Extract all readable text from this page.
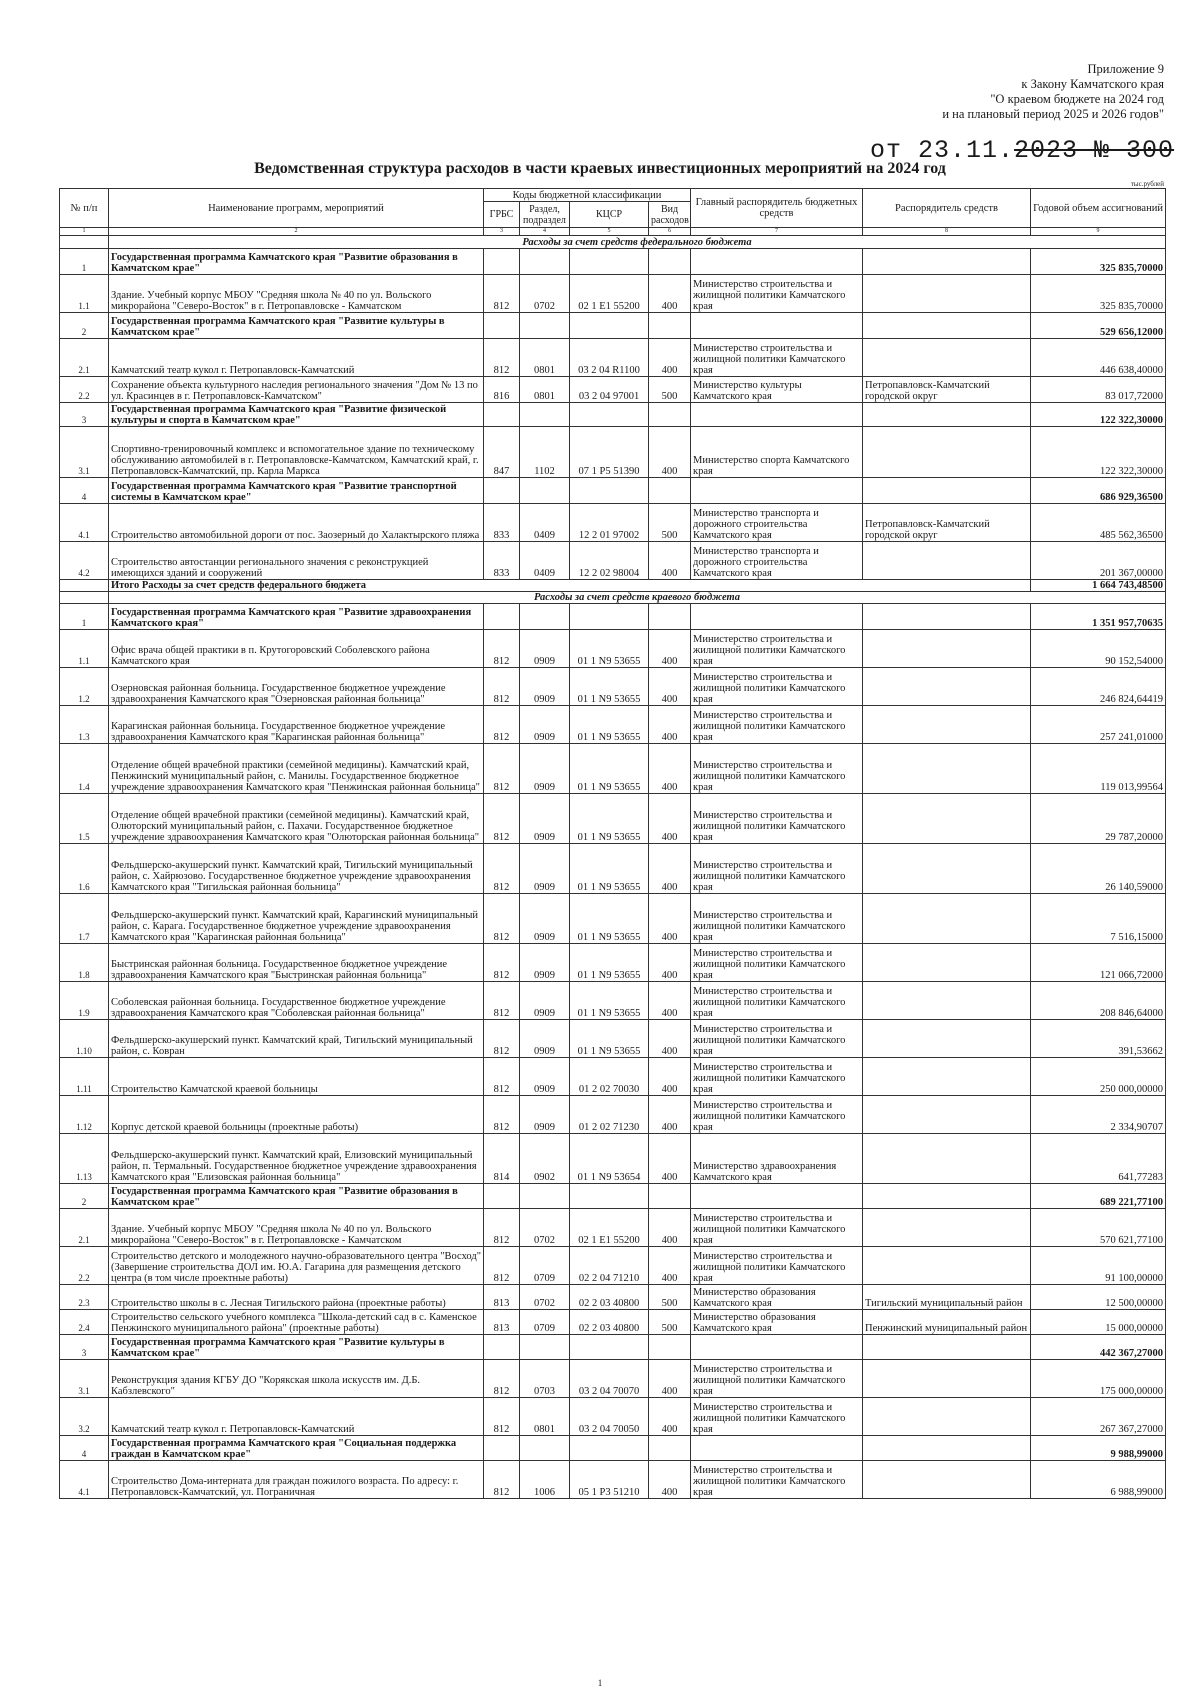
Приложение 9
к Закону Камчатского края
"О краевом бюджете на 2024 год
и на плановый период 2025 и 2026 годов"
от 23.11.2023 № 300
Ведомственная структура расходов в части краевых инвестиционных мероприятий на 2024 год
тыс.рублей
№ п/п	Наименование программ, мероприятий	Коды бюджетной классификации				Главный распорядитель бюджетных средств	Распорядитель средств	Годовой объем ассигнований
		ГРБС	Раздел, подраздел	КЦСР	Вид расходов			
1	2	3	4	5	6	7	8	9
	Расходы за счет средств федерального бюджета							
1	Государственная программа Камчатского края "Развитие образования в Камчатском крае"							325 835,70000
1.1	Здание. Учебный корпус МБОУ "Средняя школа № 40 по ул. Вольского микрорайона "Северо-Восток" в г. Петропавловске - Камчатском	812	0702	02 1 E1 55200	400	Министерство строительства и жилищной политики Камчатского края		325 835,70000
2	Государственная программа Камчатского края "Развитие культуры в Камчатском крае"							529 656,12000
2.1	Камчатский театр кукол г. Петропавловск-Камчатский	812	0801	03 2 04 R1100	400	Министерство строительства и жилищной политики Камчатского края		446 638,40000
2.2	Сохранение объекта культурного наследия регионального значения "Дом № 13 по ул. Красинцев в г. Петропавловск-Камчатском"	816	0801	03 2 04 97001	500	Министерство культуры Камчатского края	Петропавловск-Камчатский городской округ	83 017,72000
3	Государственная программа Камчатского края "Развитие физической культуры и спорта в Камчатском крае"							122 322,30000
3.1	Спортивно-тренировочный комплекс и вспомогательное здание по техническому обслуживанию автомобилей в г. Петропавловске-Камчатском, Камчатский край, г. Петропавловск-Камчатский, пр. Карла Маркса	847	1102	07 1 P5 51390	400	Министерство спорта Камчатского края		122 322,30000
4	Государственная программа Камчатского края "Развитие транспортной системы в Камчатском крае"							686 929,36500
4.1	Строительство автомобильной дороги от пос. Заозерный до Халактырского пляжа	833	0409	12 2 01 97002	500	Министерство транспорта и дорожного строительства Камчатского края	Петропавловск-Камчатский городской округ	485 562,36500
4.2	Строительство автостанции регионального значения с реконструкцией имеющихся зданий и сооружений	833	0409	12 2 02 98004	400	Министерство транспорта и дорожного строительства Камчатского края		201 367,00000
	Итого Расходы за счет средств федерального бюджета							1 664 743,48500
	Расходы за счет средств краевого бюджета							
1	Государственная программа Камчатского края "Развитие здравоохранения Камчатского края"							1 351 957,70635
1.1	Офис врача общей практики в п. Крутогоровский Соболевского района Камчатского края	812	0909	01 1 N9 53655	400	Министерство строительства и жилищной политики Камчатского края		90 152,54000
1.2	Озерновская районная больница. Государственное бюджетное учреждение здравоохранения Камчатского края "Озерновская районная больница"	812	0909	01 1 N9 53655	400	Министерство строительства и жилищной политики Камчатского края		246 824,64419
1.3	Карагинская районная больница. Государственное бюджетное учреждение здравоохранения Камчатского края "Карагинская районная больница"	812	0909	01 1 N9 53655	400	Министерство строительства и жилищной политики Камчатского края		257 241,01000
1.4	Отделение общей врачебной практики (семейной медицины). Камчатский край, Пенжинский муниципальный район, с. Манилы. Государственное бюджетное учреждение здравоохранения Камчатского края "Пенжинская районная больница"	812	0909	01 1 N9 53655	400	Министерство строительства и жилищной политики Камчатского края		119 013,99564
1.5	Отделение общей врачебной практики (семейной медицины). Камчатский край, Олюторский муниципальный район, с. Пахачи. Государственное бюджетное учреждение здравоохранения Камчатского края "Олюторская районная больница"	812	0909	01 1 N9 53655	400	Министерство строительства и жилищной политики Камчатского края		29 787,20000
1.6	Фельдшерско-акушерский пункт. Камчатский край, Тигильский муниципальный район, с. Хайрюзово. Государственное бюджетное учреждение здравоохранения Камчатского края "Тигильская районная больница"	812	0909	01 1 N9 53655	400	Министерство строительства и жилищной политики Камчатского края		26 140,59000
1.7	Фельдшерско-акушерский пункт. Камчатский край, Карагинский муниципальный район, с. Карага. Государственное бюджетное учреждение здравоохранения Камчатского края "Карагинская районная больница"	812	0909	01 1 N9 53655	400	Министерство строительства и жилищной политики Камчатского края		7 516,15000
1.8	Быстринская районная больница. Государственное бюджетное учреждение здравоохранения Камчатского края "Быстринская районная больница"	812	0909	01 1 N9 53655	400	Министерство строительства и жилищной политики Камчатского края		121 066,72000
1.9	Соболевская районная больница. Государственное бюджетное учреждение здравоохранения Камчатского края "Соболевская районная больница"	812	0909	01 1 N9 53655	400	Министерство строительства и жилищной политики Камчатского края		208 846,64000
1.10	Фельдшерско-акушерский пункт. Камчатский край, Тигильский муниципальный район, с. Ковран	812	0909	01 1 N9 53655	400	Министерство строительства и жилищной политики Камчатского края		391,53662
1.11	Строительство Камчатской краевой больницы	812	0909	01 2 02 70030	400	Министерство строительства и жилищной политики Камчатского края		250 000,00000
1.12	Корпус детской краевой больницы (проектные работы)	812	0909	01 2 02 71230	400	Министерство строительства и жилищной политики Камчатского края		2 334,90707
1.13	Фельдшерско-акушерский пункт. Камчатский край, Елизовский муниципальный район, п. Термальный. Государственное бюджетное учреждение здравоохранения Камчатского края "Елизовская районная больница"	814	0902	01 1 N9 53654	400	Министерство здравоохранения Камчатского края		641,77283
2	Государственная программа Камчатского края "Развитие образования в Камчатском крае"							689 221,77100
2.1	Здание. Учебный корпус МБОУ "Средняя школа № 40 по ул. Вольского микрорайона "Северо-Восток" в г. Петропавловске - Камчатском	812	0702	02 1 E1 55200	400	Министерство строительства и жилищной политики Камчатского края		570 621,77100
2.2	Строительство детского и молодежного научно-образовательного центра "Восход" (Завершение строительства ДОЛ им. Ю.А. Гагарина для размещения детского центра (в том числе проектные работы)	812	0709	02 2 04 71210	400	Министерство строительства и жилищной политики Камчатского края		91 100,00000
2.3	Строительство школы в с. Лесная Тигильского района (проектные работы)	813	0702	02 2 03 40800	500	Министерство образования Камчатского края	Тигильский муниципальный район	12 500,00000
2.4	Строительство сельского учебного комплекса "Школа-детский сад в с. Каменское Пенжинского муниципального района" (проектные работы)	813	0709	02 2 03 40800	500	Министерство образования Камчатского края	Пенжинский муниципальный район	15 000,00000
3	Государственная программа Камчатского края "Развитие культуры в Камчатском крае"							442 367,27000
3.1	Реконструкция здания КГБУ ДО "Корякская школа искусств им. Д.Б. Кабзлевского"	812	0703	03 2 04 70070	400	Министерство строительства и жилищной политики Камчатского края		175 000,00000
3.2	Камчатский театр кукол г. Петропавловск-Камчатский	812	0801	03 2 04 70050	400	Министерство строительства и жилищной политики Камчатского края		267 367,27000
4	Государственная программа Камчатского края "Социальная поддержка граждан в Камчатском крае"							9 988,99000
4.1	Строительство Дома-интерната для граждан пожилого возраста. По адресу: г. Петропавловск-Камчатский, ул. Пограничная	812	1006	05 1 P3 51210	400	Министерство строительства и жилищной политики Камчатского края		6 988,99000
1
